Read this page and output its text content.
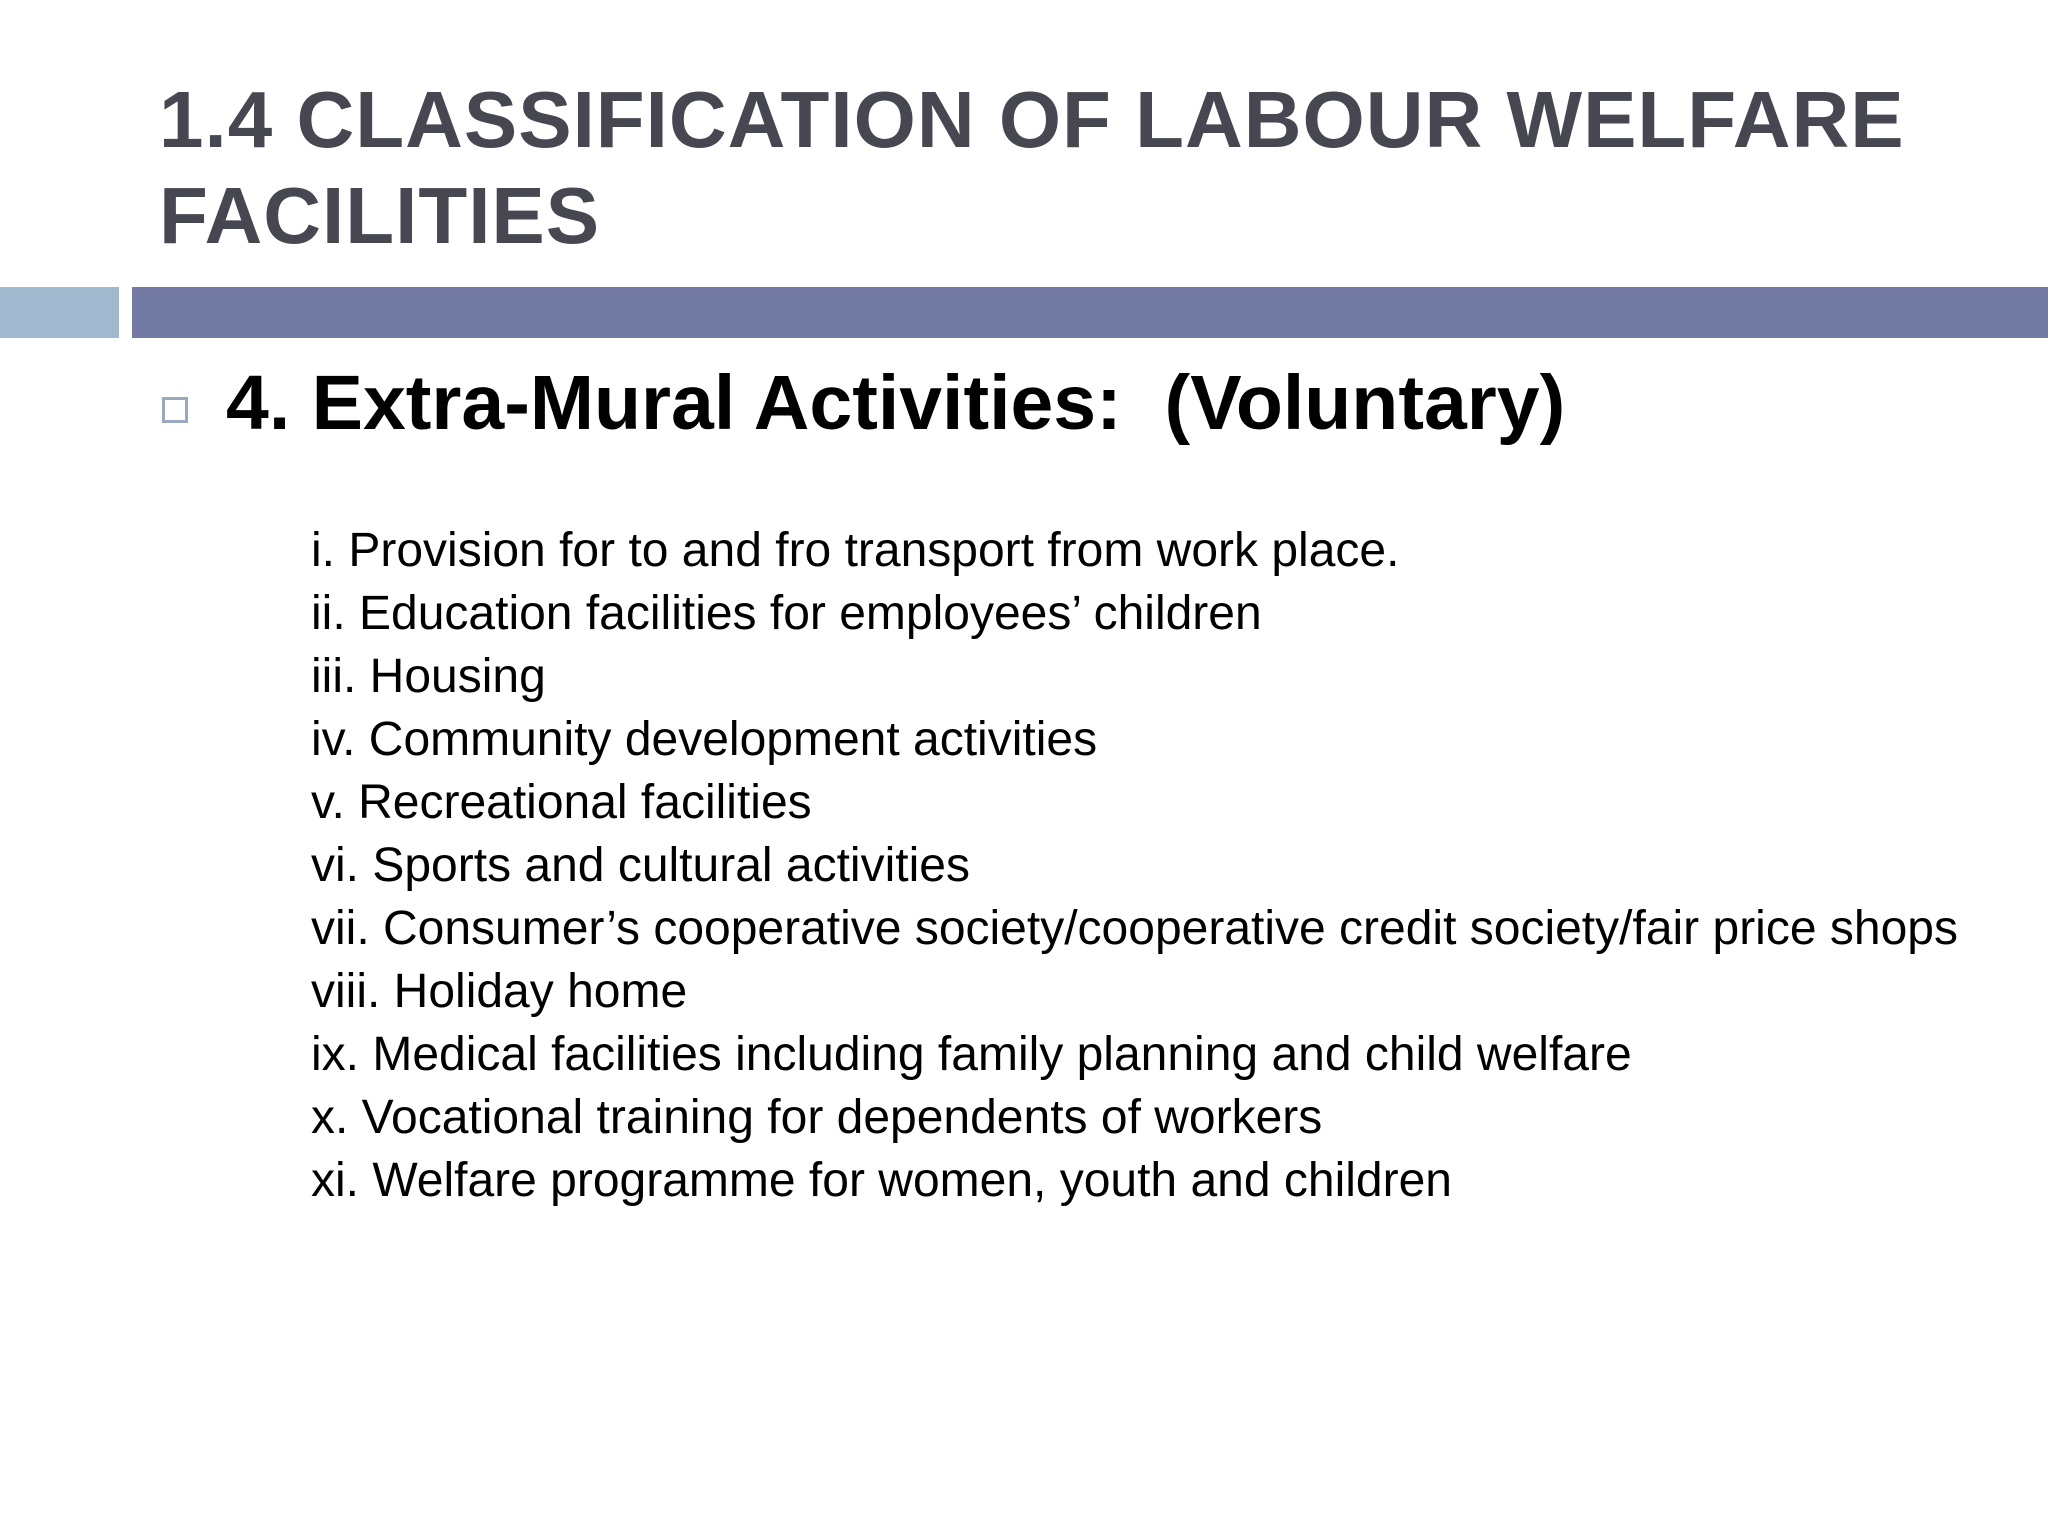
1.4 CLASSIFICATION OF LABOUR WELFARE FACILITIES
4. Extra-Mural Activities:  (Voluntary)
i. Provision for to and fro transport from work place.
ii. Education facilities for employees’ children
iii. Housing
iv. Community development activities
v. Recreational facilities
vi. Sports and cultural activities
vii. Consumer’s cooperative society/cooperative credit society/fair price shops
viii. Holiday home
ix. Medical facilities including family planning and child welfare
x. Vocational training for dependents of workers
xi. Welfare programme for women, youth and children
